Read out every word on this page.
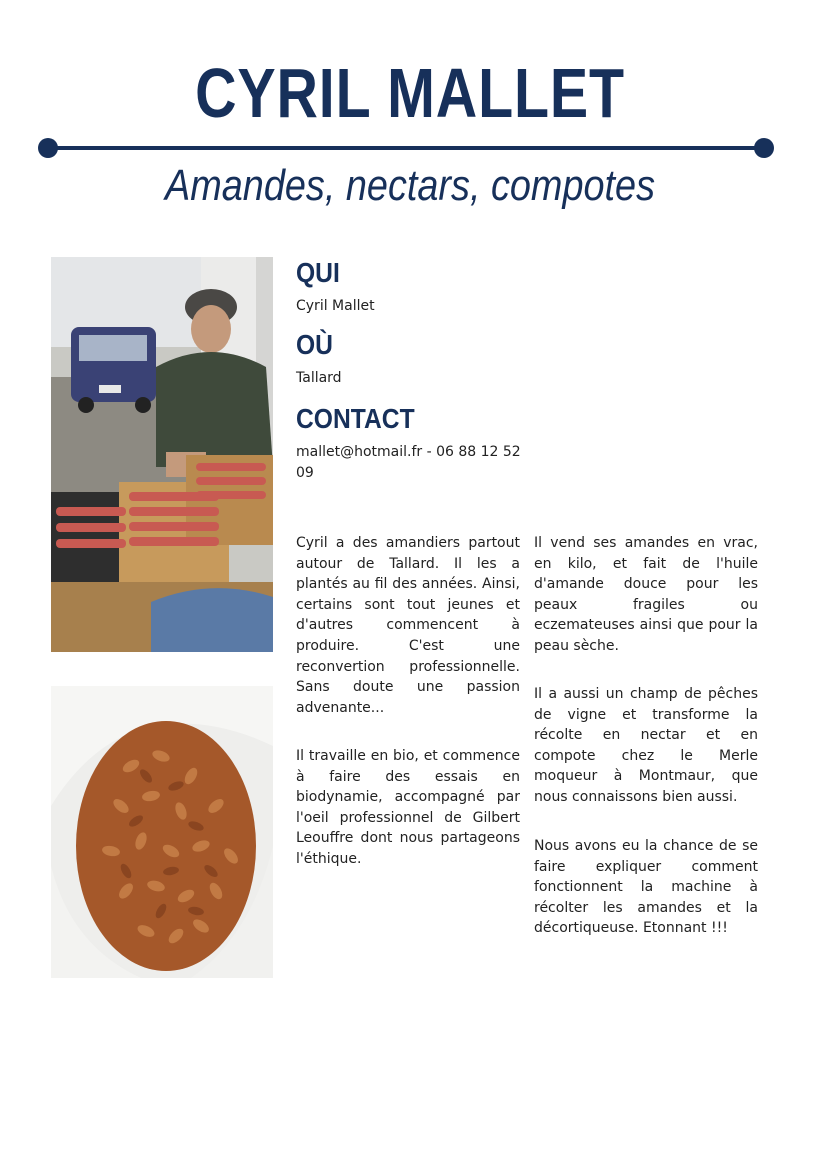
CYRIL MALLET
Amandes, nectars, compotes
QUI
Cyril Mallet
OÙ
Tallard
CONTACT
mallet@hotmail.fr - 06 88 12 52 09

Cyril a des amandiers partout autour de Tallard. Il les a plantés au fil des années. Ainsi, certains sont tout jeunes et d'autres commencent à produire. C'est une reconvertion professionnelle. Sans doute une passion advenante...

Il travaille en bio, et commence à faire des essais en biodynamie, accompagné par l'oeil professionnel de Gilbert Leouffre dont nous partageons l'éthique.

Il vend ses amandes en vrac, en kilo, et fait de l'huile d'amande douce pour les peaux fragiles ou eczemateuses ainsi que pour la peau sèche.

Il a aussi un champ de pêches de vigne et transforme la récolte en nectar et en compote chez le Merle moqueur à Montmaur, que nous connaissons bien aussi.

Nous avons eu la chance de se faire expliquer comment fonctionnent la machine à récolter les amandes et la décortiqueuse. Etonnant !!!
